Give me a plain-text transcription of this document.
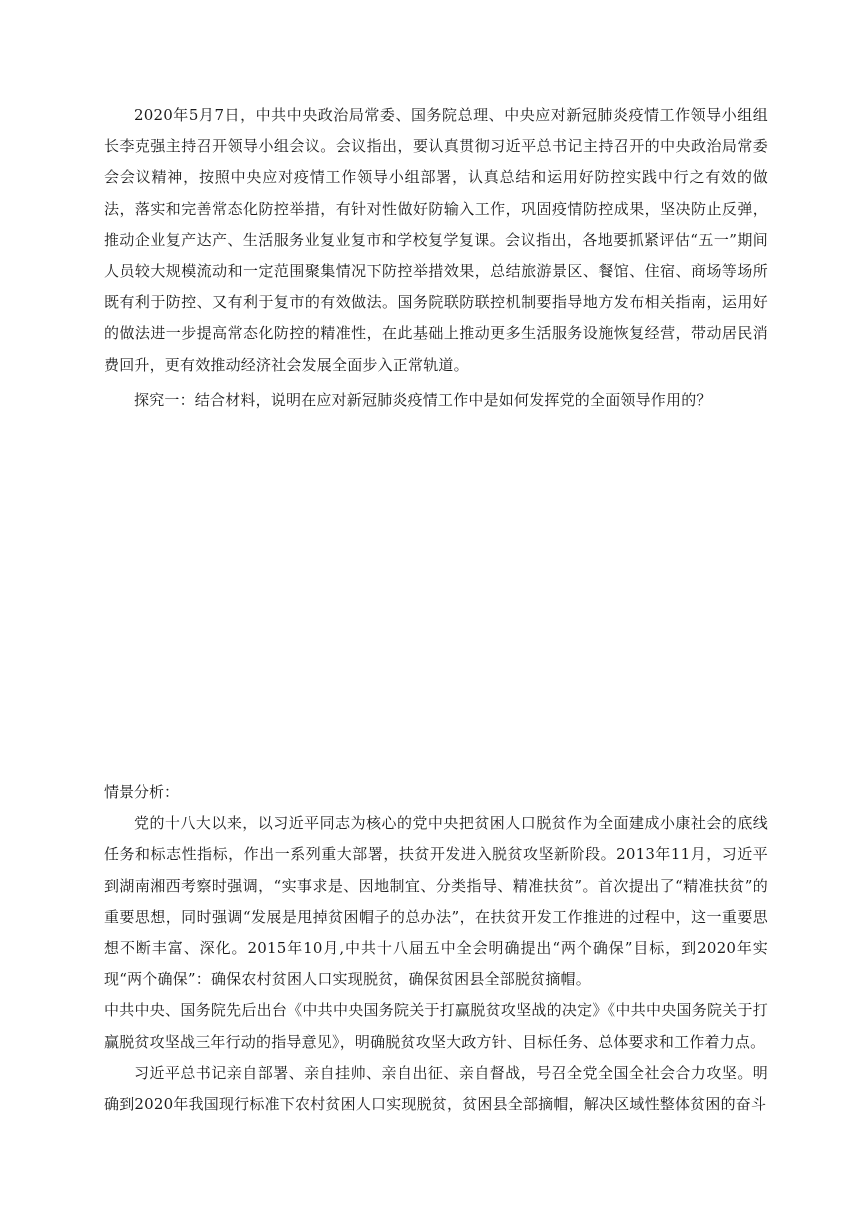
2020年5月7日，中共中央政治局常委、国务院总理、中央应对新冠肺炎疫情工作领导小组组长李克强主持召开领导小组会议。会议指出，要认真贯彻习近平总书记主持召开的中央政治局常委会会议精神，按照中央应对疫情工作领导小组部署，认真总结和运用好防控实践中行之有效的做法，落实和完善常态化防控举措，有针对性做好防输入工作，巩固疫情防控成果，坚决防止反弹，推动企业复产达产、生活服务业复业复市和学校复学复课。会议指出，各地要抓紧评估“五一”期间人员较大规模流动和一定范围聚集情况下防控举措效果，总结旅游景区、餐馆、住宿、商场等场所既有利于防控、又有利于复市的有效做法。国务院联防联控机制要指导地方发布相关指南，运用好的做法进一步提高常态化防控的精准性，在此基础上推动更多生活服务设施恢复经营，带动居民消费回升，更有效推动经济社会发展全面步入正常轨道。

探究一：结合材料，说明在应对新冠肺炎疫情工作中是如何发挥党的全面领导作用的？

情景分析：

党的十八大以来，以习近平同志为核心的党中央把贫困人口脱贫作为全面建成小康社会的底线任务和标志性指标，作出一系列重大部署，扶贫开发进入脱贫攻坚新阶段。2013年11月，习近平到湖南湘西考察时强调，“实事求是、因地制宜、分类指导、精准扶贫”。首次提出了“精准扶贫”的重要思想，同时强调“发展是甩掉贫困帽子的总办法”，在扶贫开发工作推进的过程中，这一重要思想不断丰富、深化。2015年10月,中共十八届五中全会明确提出“两个确保”目标，到2020年实现“两个确保”：确保农村贫困人口实现脱贫，确保贫困县全部脱贫摘帽。

中共中央、国务院先后出台《中共中央国务院关于打赢脱贫攻坚战的决定》《中共中央国务院关于打赢脱贫攻坚战三年行动的指导意见》，明确脱贫攻坚大政方针、目标任务、总体要求和工作着力点。

习近平总书记亲自部署、亲自挂帅、亲自出征、亲自督战，号召全党全国全社会合力攻坚。明确到2020年我国现行标准下农村贫困人口实现脱贫，贫困县全部摘帽，解决区域性整体贫困的奋斗
